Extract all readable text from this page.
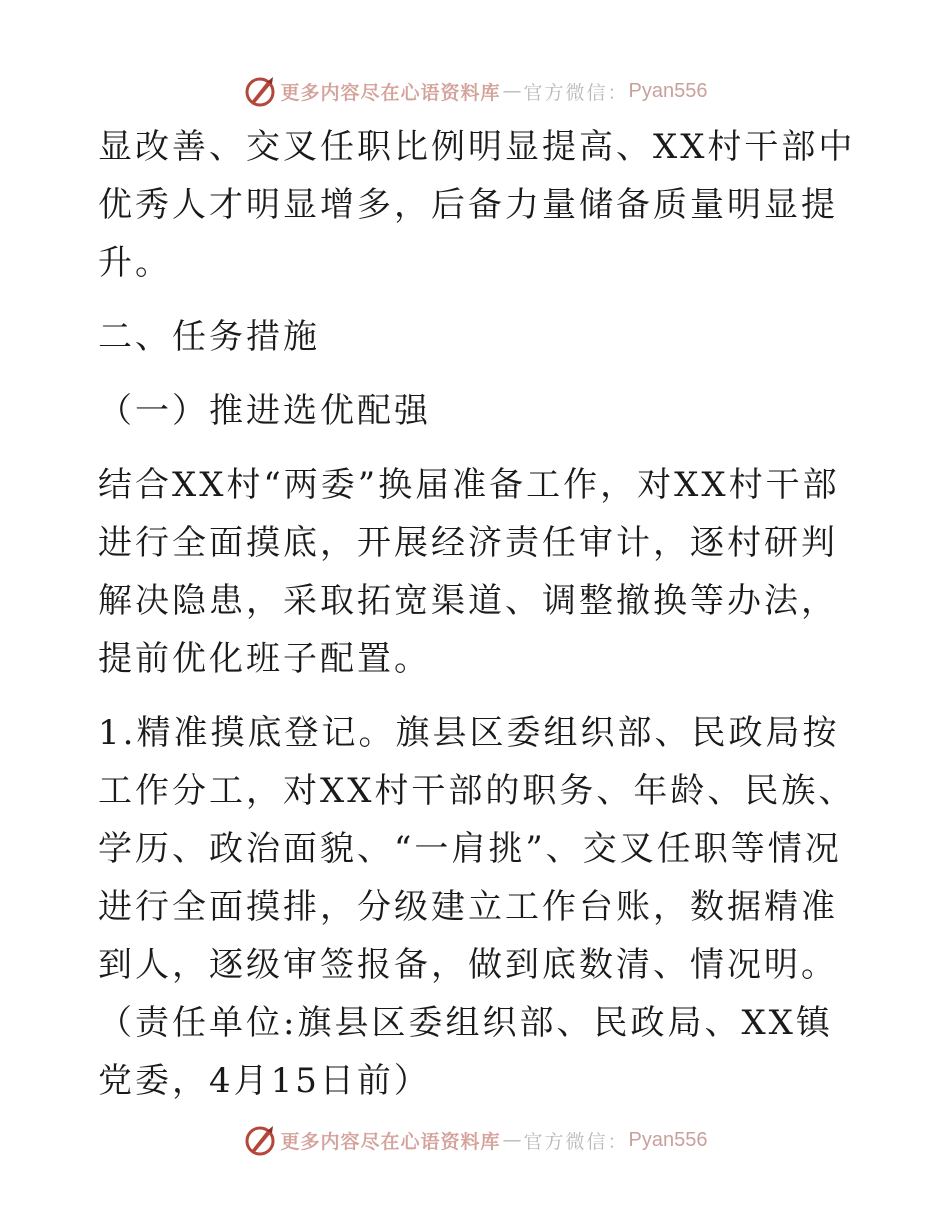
更多内容尽在心语资料库 — 官方微信： Pyan556

显改善、交叉任职比例明显提高、XX村干部中优秀人才明显增多，后备力量储备质量明显提升。

二、任务措施

（一）推进选优配强

结合XX村“两委”换届准备工作，对XX村干部进行全面摸底，开展经济责任审计，逐村研判解决隐患，采取拓宽渠道、调整撤换等办法，提前优化班子配置。

1.精准摸底登记。旗县区委组织部、民政局按工作分工，对XX村干部的职务、年龄、民族、学历、政治面貌、“一肩挑”、交叉任职等情况进行全面摸排，分级建立工作台账，数据精准到人，逐级审签报备，做到底数清、情况明。（责任单位:旗县区委组织部、民政局、XX镇党委，4月15日前）

更多内容尽在心语资料库 — 官方微信： Pyan556
